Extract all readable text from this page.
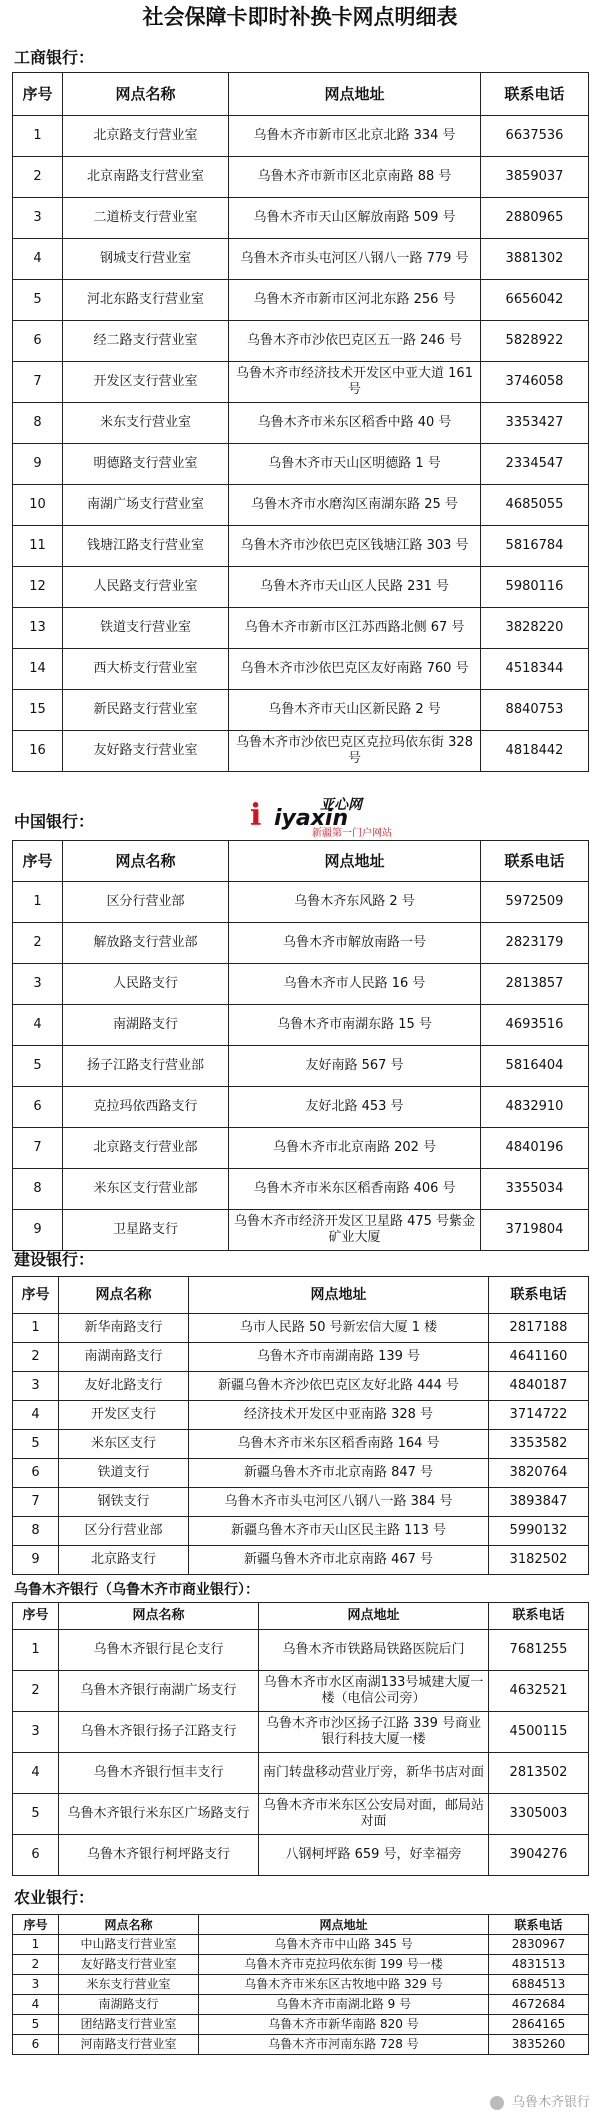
社会保障卡即时补换卡网点明细表
工商银行：
序号	网点名称	网点地址	联系电话
1	北京路支行营业室	乌鲁木齐市新市区北京北路 334 号	6637536
2	北京南路支行营业室	乌鲁木齐市新市区北京南路 88 号	3859037
3	二道桥支行营业室	乌鲁木齐市天山区解放南路 509 号	2880965
4	钢城支行营业室	乌鲁木齐市头屯河区八钢八一路 779 号	3881302
5	河北东路支行营业室	乌鲁木齐市新市区河北东路 256 号	6656042
6	经二路支行营业室	乌鲁木齐市沙依巴克区五一路 246 号	5828922
7	开发区支行营业室	乌鲁木齐市经济技术开发区中亚大道 161 号	3746058
8	米东支行营业室	乌鲁木齐市米东区稻香中路 40 号	3353427
9	明德路支行营业室	乌鲁木齐市天山区明德路 1 号	2334547
10	南湖广场支行营业室	乌鲁木齐市水磨沟区南湖东路 25 号	4685055
11	钱塘江路支行营业室	乌鲁木齐市沙依巴克区钱塘江路 303 号	5816784
12	人民路支行营业室	乌鲁木齐市天山区人民路 231 号	5980116
13	铁道支行营业室	乌鲁木齐市新市区江苏西路北侧 67 号	3828220
14	西大桥支行营业室	乌鲁木齐市沙依巴克区友好南路 760 号	4518344
15	新民路支行营业室	乌鲁木齐市天山区新民路 2 号	8840753
16	友好路支行营业室	乌鲁木齐市沙依巴克区克拉玛依东街 328 号	4818442
i iyaxin
亚心网
新疆第一门户网站
中国银行：
序号	网点名称	网点地址	联系电话
1	区分行营业部	乌鲁木齐东风路 2 号	5972509
2	解放路支行营业部	乌鲁木齐市解放南路一号	2823179
3	人民路支行	乌鲁木齐市人民路 16 号	2813857
4	南湖路支行	乌鲁木齐市南湖东路 15 号	4693516
5	扬子江路支行营业部	友好南路 567 号	5816404
6	克拉玛依西路支行	友好北路 453 号	4832910
7	北京路支行营业部	乌鲁木齐市北京南路 202 号	4840196
8	米东区支行营业部	乌鲁木齐市米东区稻香南路 406 号	3355034
9	卫星路支行	乌鲁木齐市经济开发区卫星路 475 号紫金矿业大厦	3719804
建设银行：
序号	网点名称	网点地址	联系电话
1	新华南路支行	乌市人民路 50 号新宏信大厦 1 楼	2817188
2	南湖南路支行	乌鲁木齐市南湖南路 139 号	4641160
3	友好北路支行	新疆乌鲁木齐沙依巴克区友好北路 444 号	4840187
4	开发区支行	经济技术开发区中亚南路 328 号	3714722
5	米东区支行	乌鲁木齐市米东区稻香南路 164 号	3353582
6	铁道支行	新疆乌鲁木齐市北京南路 847 号	3820764
7	钢铁支行	乌鲁木齐市头屯河区八钢八一路 384 号	3893847
8	区分行营业部	新疆乌鲁木齐市天山区民主路 113 号	5990132
9	北京路支行	新疆乌鲁木齐市北京南路 467 号	3182502
乌鲁木齐银行（乌鲁木齐市商业银行）：
序号	网点名称	网点地址	联系电话
1	乌鲁木齐银行昆仑支行	乌鲁木齐市铁路局铁路医院后门	7681255
2	乌鲁木齐银行南湖广场支行	乌鲁木齐市水区南湖133号城建大厦一楼（电信公司旁）	4632521
3	乌鲁木齐银行扬子江路支行	乌鲁木齐市沙区扬子江路 339 号商业银行科技大厦一楼	4500115
4	乌鲁木齐银行恒丰支行	南门转盘移动营业厅旁，新华书店对面	2813502
5	乌鲁木齐银行米东区广场路支行	乌鲁木齐市米东区公安局对面，邮局站对面	3305003
6	乌鲁木齐银行柯坪路支行	八钢柯坪路 659 号，好幸福旁	3904276
农业银行：
序号	网点名称	网点地址	联系电话
1	中山路支行营业室	乌鲁木齐市中山路 345 号	2830967
2	友好路支行营业室	乌鲁木齐市克拉玛依东街 199 号一楼	4831513
3	米东支行营业室	乌鲁木齐市米东区古牧地中路 329 号	6884513
4	南湖路支行	乌鲁木齐市南湖北路 9 号	4672684
5	团结路支行营业室	乌鲁木齐市新华南路 820 号	2864165
6	河南路支行营业室	乌鲁木齐市河南东路 728 号	3835260
乌鲁木齐银行
